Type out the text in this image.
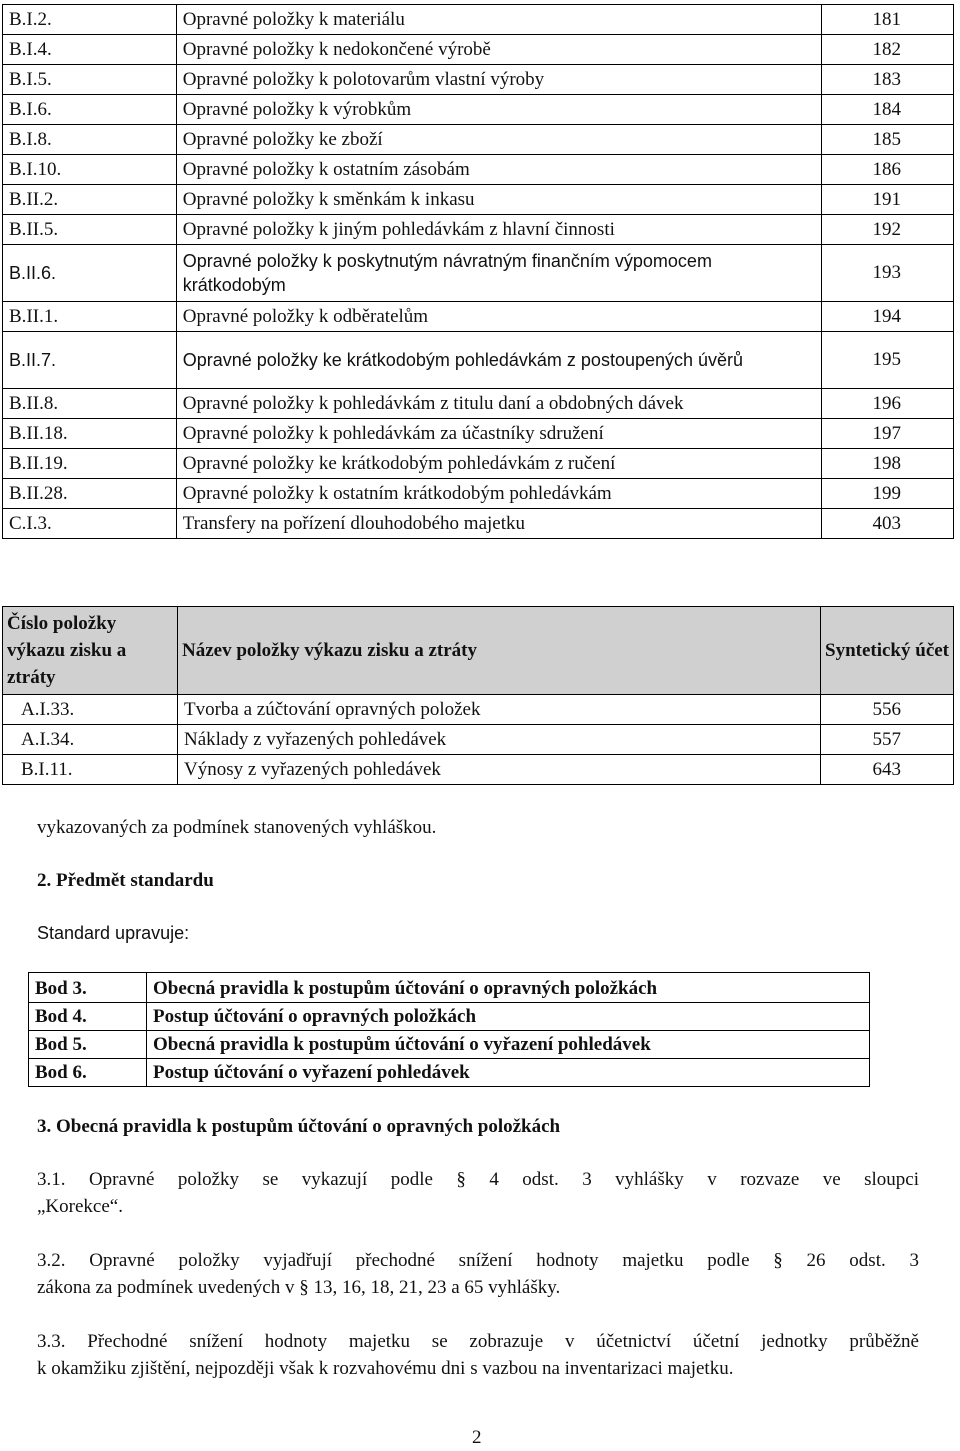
B.I.2.	Opravné položky k materiálu	181
B.I.4.	Opravné položky k nedokončené výrobě	182
B.I.5.	Opravné položky k polotovarům vlastní výroby	183
B.I.6.	Opravné položky k výrobkům	184
B.I.8.	Opravné položky ke zboží	185
B.I.10.	Opravné položky k ostatním zásobám	186
B.II.2.	Opravné položky k směnkám k inkasu	191
B.II.5.	Opravné položky k jiným pohledávkám z hlavní činnosti	192
B.II.6.	Opravné položky k poskytnutým návratným finančním výpomocem krátkodobým	193
B.II.1.	Opravné položky k odběratelům	194
B.II.7.	Opravné položky ke krátkodobým pohledávkám z postoupených úvěrů	195
B.II.8.	Opravné položky k pohledávkám z titulu daní a obdobných dávek	196
B.II.18.	Opravné položky k pohledávkám za účastníky sdružení	197
B.II.19.	Opravné položky ke krátkodobým pohledávkám z ručení	198
B.II.28.	Opravné položky k ostatním krátkodobým pohledávkám	199
C.I.3.	Transfery na pořízení dlouhodobého majetku	403
Číslo položky výkazu zisku a ztráty	Název položky výkazu zisku a ztráty	Syntetický účet
A.I.33.	Tvorba a zúčtování opravných položek	556
A.I.34.	Náklady z vyřazených pohledávek	557
B.I.11.	Výnosy z vyřazených pohledávek	643
vykazovaných za podmínek stanovených vyhláškou.
2. Předmět standardu
Standard upravuje:
Bod 3.	Obecná pravidla k postupům účtování o opravných položkách
Bod 4.	Postup účtování o opravných položkách
Bod 5.	Obecná pravidla k postupům účtování o vyřazení pohledávek
Bod 6.	Postup účtování o vyřazení pohledávek
3. Obecná pravidla k postupům účtování o opravných položkách
3.1. Opravné položky se vykazují podle § 4 odst. 3 vyhlášky v rozvaze ve sloupci
„Korekce“.
3.2. Opravné položky vyjadřují přechodné snížení hodnoty majetku podle § 26 odst. 3
zákona za podmínek uvedených v § 13, 16, 18, 21, 23 a 65 vyhlášky.
3.3. Přechodné snížení hodnoty majetku se zobrazuje v účetnictví účetní jednotky průběžně
k okamžiku zjištění, nejpozději však k rozvahovému dni s vazbou na inventarizaci majetku.
2
